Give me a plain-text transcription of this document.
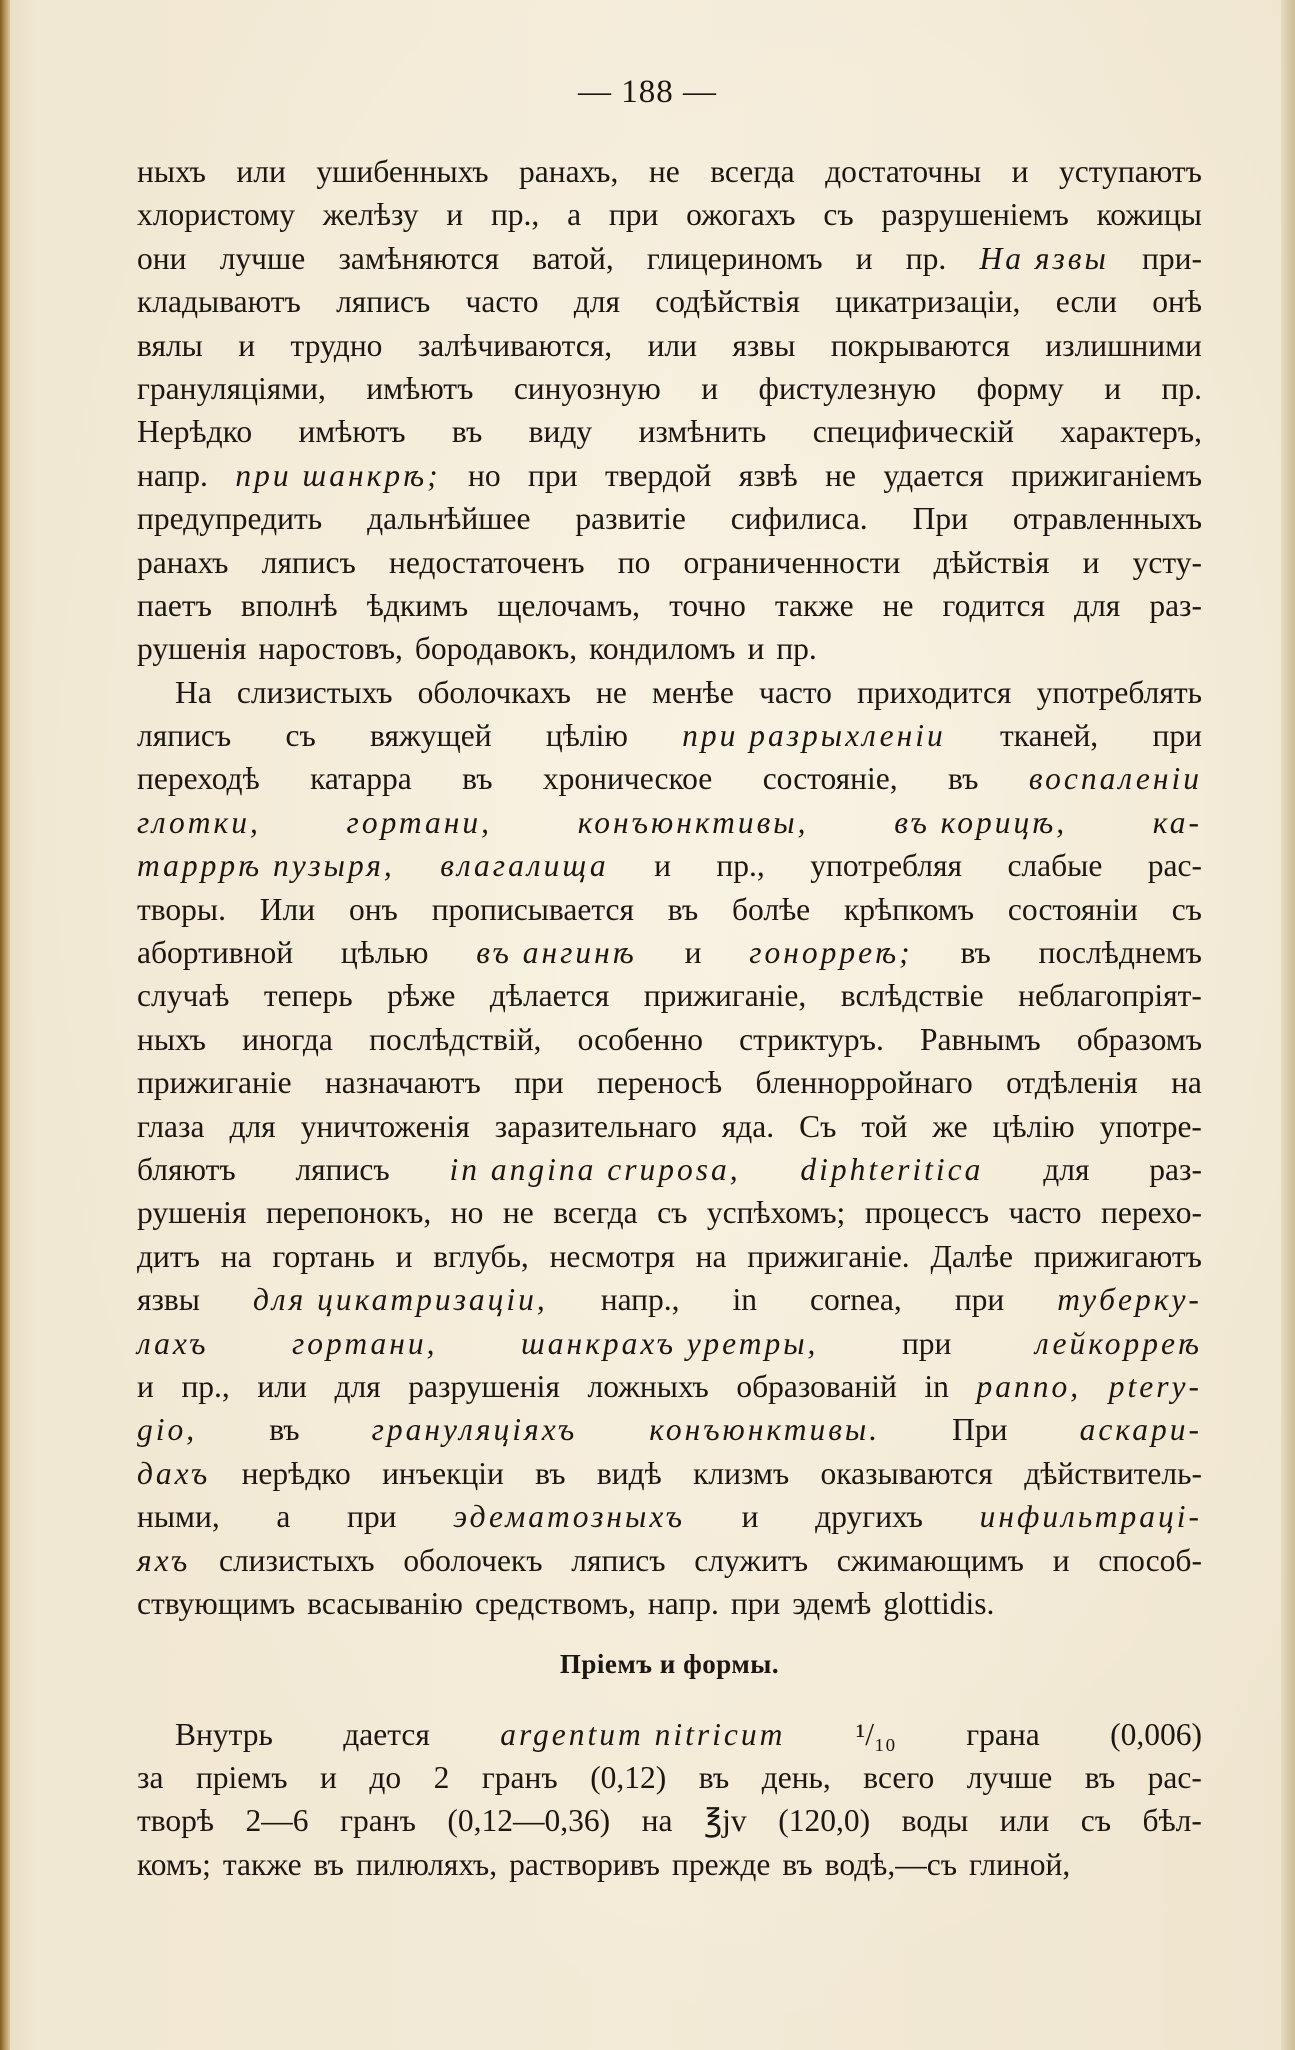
— 188 —
ныхъ или ушибенныхъ ранахъ, не всегда достаточны и уступаютъ
хлористому желѣзу и пр., а при ожогахъ съ разрушеніемъ кожицы
они лучше замѣняются ватой, глицериномъ и пр. На язвы при-
кладываютъ ляписъ часто для содѣйствія цикатризаціи, если онѣ
вялы и трудно залѣчиваются, или язвы покрываются излишними
грануляціями, имѣютъ синуозную и фистулезную форму и пр.
Нерѣдко имѣютъ въ виду измѣнить специфическій характеръ,
напр. при шанкрѣ; но при твердой язвѣ не удается прижиганіемъ
предупредить дальнѣйшее развитіе сифилиса. При отравленныхъ
ранахъ ляписъ недостаточенъ по ограниченности дѣйствія и усту-
паетъ вполнѣ ѣдкимъ щелочамъ, точно также не годится для раз-
рушенія наростовъ, бородавокъ, кондиломъ и пр.
На слизистыхъ оболочкахъ не менѣе часто приходится употреблять
ляписъ съ вяжущей цѣлію при разрыхленіи тканей, при
переходѣ катарра въ хроническое состояніе, въ воспаленіи
глотки,	гортани,	конъюнктивы,	въ корицѣ,	ка-
тарррѣ пузыря, влагалища и пр., употребляя слабые рас-
творы. Или онъ прописывается въ болѣе крѣпкомъ состояніи съ
абортивной цѣлью въ ангинѣ и гонорреѣ; въ послѣднемъ
случаѣ теперь рѣже дѣлается прижиганіе, вслѣдствіе неблагопріят-
ныхъ иногда послѣдствій, особенно стриктуръ. Равнымъ образомъ
прижиганіе назначаютъ при переносѣ бленнорройнаго отдѣленія на
глаза для уничтоженія заразительнаго яда. Съ той же цѣлію употре-
бляютъ ляписъ in angina cruposa, diphteritica для раз-
рушенія перепонокъ, но не всегда съ успѣхомъ; процессъ часто перехо-
дитъ на гортань и вглубь, несмотря на прижиганіе. Далѣе прижигаютъ
язвы для цикатризаціи, напр., in cornea, при туберку-
лахъ	гортани,	шанкрахъ уретры,	при	лейкорреѣ
и пр., или для разрушенія ложныхъ образованій in panno, ptery-
gio, въ грануляціяхъ конъюнктивы. При аскари-
дахъ нерѣдко инъекціи въ видѣ клизмъ оказываются дѣйствитель-
ными, а при эдематозныхъ и другихъ инфильтраці-
яхъ слизистыхъ оболочекъ ляписъ служитъ сжимающимъ и способ-
ствующимъ всасыванію средствомъ, напр. при эдемѣ glottidis.
Пріемъ и формы.
Внутрь дается argentum nitricum ¹/₁₀ грана (0,006)
за пріемъ и до 2 гранъ (0,12) въ день, всего лучше въ рас-
творѣ 2—6 гранъ (0,12—0,36) на ℥jv (120,0) воды или съ бѣл-
комъ; также въ пилюляхъ, растворивъ прежде въ водѣ,—съ глиной,
